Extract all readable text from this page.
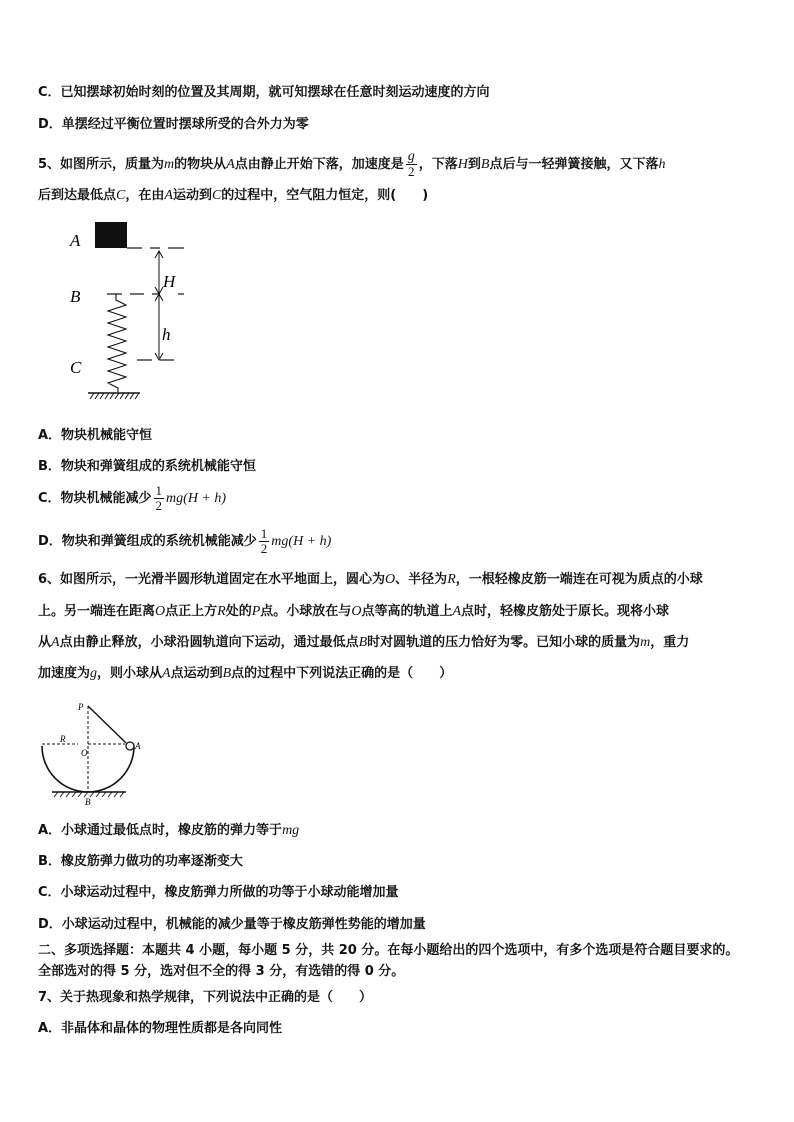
C．已知摆球初始时刻的位置及其周期，就可知摆球在任意时刻运动速度的方向
D．单摆经过平衡位置时摆球所受的合外力为零
5、如图所示，质量为m的物块从A点由静止开始下落，加速度是 $\frac{g}{2}$ ，下落H到B点后与一轻弹簧接触，又下落h
后到达最低点C，在由A运动到C的过程中，空气阻力恒定，则( )
A
B
C
H
h
A．物块机械能守恒
B．物块和弹簧组成的系统机械能守恒
C．物块机械能减少 $\frac{1}{2} mg(H + h)$
D．物块和弹簧组成的系统机械能减少 $\frac{1}{2} mg(H + h)$
6、如图所示，一光滑半圆形轨道固定在水平地面上，圆心为O、半径为R，一根轻橡皮筋一端连在可视为质点的小球
上。另一端连在距离O点正上方R处的P点。小球放在与O点等高的轨道上A点时，轻橡皮筋处于原长。现将小球
从A点由静止释放，小球沿圆轨道向下运动，通过最低点B时对圆轨道的压力恰好为零。已知小球的质量为m，重力
加速度为g，则小球从A点运动到B点的过程中下列说法正确的是（ ）
P
R
O
A
B
A．小球通过最低点时，橡皮筋的弹力等于mg
B．橡皮筋弹力做功的功率逐渐变大
C．小球运动过程中，橡皮筋弹力所做的功等于小球动能增加量
D．小球运动过程中，机械能的减少量等于橡皮筋弹性势能的增加量
二、多项选择题：本题共 4 小题，每小题 5 分，共 20 分。在每小题给出的四个选项中，有多个选项是符合题目要求的。
全部选对的得 5 分，选对但不全的得 3 分，有选错的得 0 分。
7、关于热现象和热学规律，下列说法中正确的是（ ）
A．非晶体和晶体的物理性质都是各向同性
